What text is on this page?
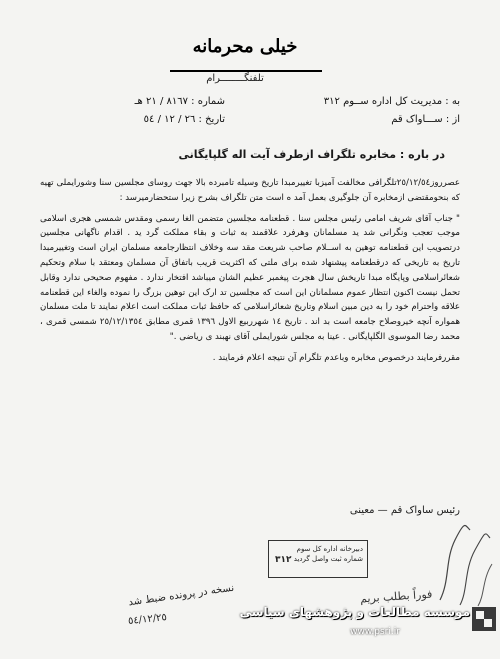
خیلی محرمانه
تلفنگــــــــرام
به : مدیریت کل اداره ســوم ٣١٢
از : ســـاواک قم
شماره : ٨١٦٧ / ٢١ هـ
تاریخ : ٢٦ / ١٢ / ٥٤
در باره : مخابره تلگراف ازطرف آیت اله گلپایگانی

عصرروز٢٥/١٢/٥٤تلگرافی مخالفت آمیزبا تغییرمبدا تاریخ وسیله تامبرده بالا جهت روسای مجلسین سنا وشورایملی تهیه که بنحومقتضی ازمخابره آن جلوگیری بعمل آمد ه است متن تلگراف بشرح زیرا ستحضارمیرسد :

" جناب آقای شریف امامی رئیس مجلس سنا . قطعنامه مجلسین متضمن الغا رسمی ومقدس شمسی هجری اسلامی موجب تعجب ونگرانی شد ید مسلمانان وهرفرد علاقمند به ثبات و بقاء مملکت گرد ید . اقدام ناگهانی مجلسین درتصویب این قطعنامه توهین به اســلام صاحب شریعت مقد سه وخلاف انتظارجامعه مسلمان ایران است وتغییرمبدا تاریخ به تاریخی که درقطعنامه پیشنهاد شده برای ملتی که اکثریت قریب باتفاق آن مسلمان ومعتقد با سلام وتحکیم شعائراسلامی وپایگاه مبدا تاریخش سال هجرت پیغمبر عظیم الشان میباشد افتخار ندارد . مفهوم صحیحی ندارد وقابل تحمل نیست اکنون انتظار عموم مسلمانان این است که مجلسین تد ارک این توهین بزرگ را نموده والغاء این قطعنامه علاقه واحترام خود را به دین مبین اسلام وتاریخ شعائراسلامی که حافظ ثبات مملکت است اعلام نمایند تا ملت مسلمان همواره آنچه خیروصلاح جامعه است بد اند . تاریخ ١٤ شهرربیع الاول ١٣٩٦ قمری مطابق ٢٥/١٢/١٣٥٤ شمسی قمری ، محمد رضا الموسوی الگلپایگانی . عینا به مجلس شورایملی آقای نهبند ی ریاضی ."

مقررفرمایند درخصوص مخابره وباعدم تلگرام آن نتیجه اعلام فرمایند .

رئیس ساواک قم — معینی
دبیرخانه اداره کل سوم
شماره ثبت واصل گردید
٣١٢
فوراً بطلب بریم
نسخه در پرونده ضبط شد
٥٤/١٢/٢٥	موسسه مطالعات و پژوهشهای سیاسی
www.psri.ir
